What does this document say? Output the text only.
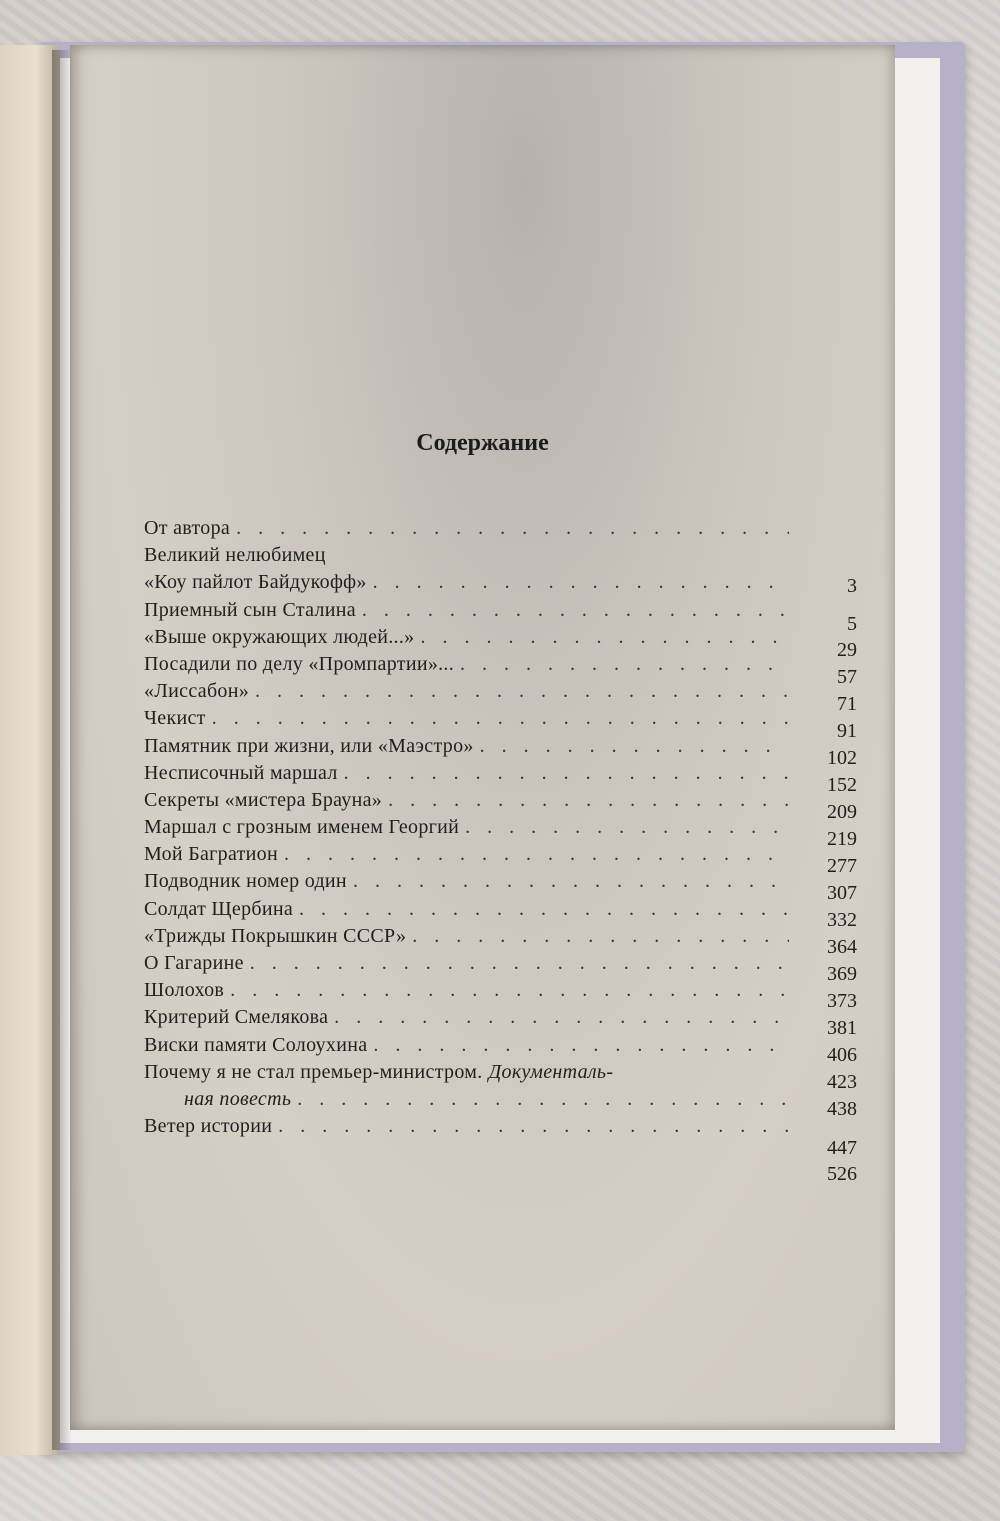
Содержание
От автора
. . .
Великий нелюбимец
«Коу пайлот Байдукофф»
. . .
Приемный сын Сталина
. . .
«Выше окружающих людей...»
. . .
Посадили по делу «Промпартии»...
. . .
«Лиссабон»
. . .
Чекист
. . .
Памятник при жизни, или «Маэстро»
. . .
Несписочный маршал
. . .
Секреты «мистера Брауна»
. . .
Маршал с грозным именем Георгий
. . .
Мой Багратион
. . .
Подводник номер один
. . .
Солдат Щербина
. . .
«Трижды Покрышкин СССР»
. . .
О Гагарине
. . .
Шолохов
. . .
Критерий Смелякова
. . .
Виски памяти Солоухина
. . .
Почему я не стал премьер-министром. Документаль-
ная повесть
. . .
Ветер истории
. . .
3
5
29
57
71
91
102
152
209
219
277
307
332
364
369
373
381
406
423
438
447
526
